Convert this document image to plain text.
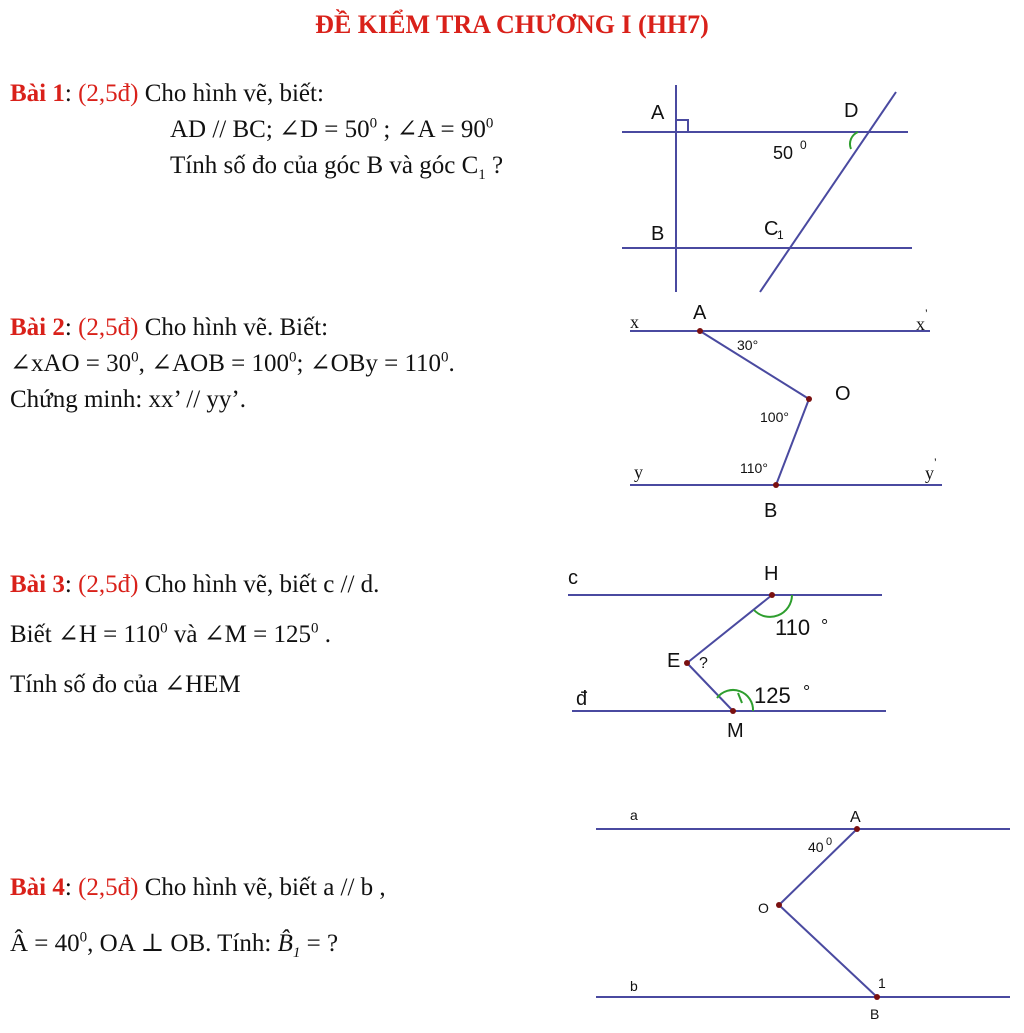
ĐỀ KIỂM TRA CHƯƠNG I (HH7)
Bài 1: (2,5đ) Cho hình vẽ, biết:
AD // BC; ∠D = $50^0$ ; ∠A = $90^0$
Tính số đo của góc B và góc $C_1$ ?
Bài 2: (2,5đ) Cho hình vẽ. Biết:
∠xAO = $30^0$, ∠AOB = $100^0$; ∠OBy = $110^0$.
Chứng minh: xx’ // yy’.
Bài 3: (2,5đ) Cho hình vẽ, biết c // d.
Biết ∠H = $110^0$ và ∠M = $125^0$ .
Tính số đo của ∠HEM
Bài 4: (2,5đ) Cho hình vẽ, biết a // b ,
Â = $40^0$, OA ⊥ OB. Tính: $B̂_1$ = ?
A	D
B	C
1
50 0
x	x ’
A
O
B
y	y ’
30°
100°
110°
c	H
E ?
đ
M
110 °
125 °
a
b
A
O
B
1
40 0
